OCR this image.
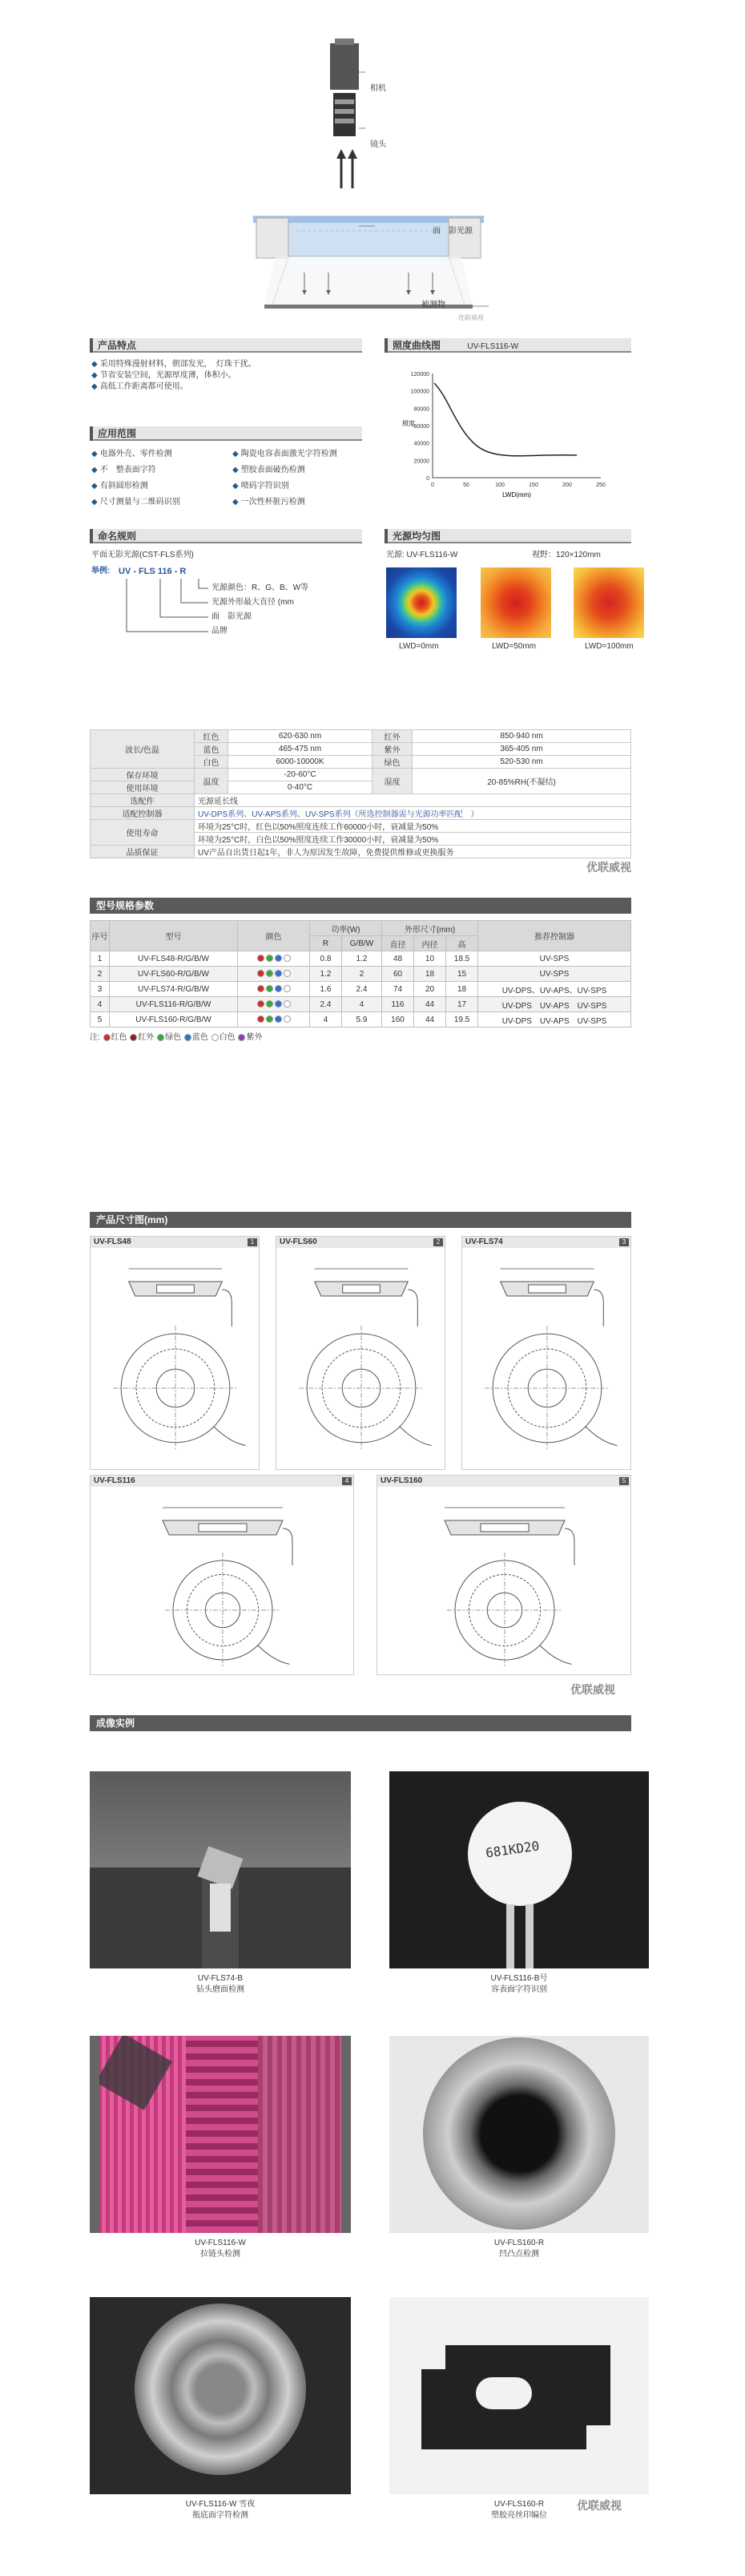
相机
镜头
面　影光源
被测物
优联威视
产品特点
◆ 采用特殊漫射材料，朝部发光，　灯珠干扰。
◆ 节省安装空间，光源厚度薄，体积小。
◆ 高低工作距离都可使用。
照度曲线图	UV-FLS116-W
120000
100000
80000
60000
40000
20000
0
0	50	100	150	200	250
照度
LWD(mm)
应用范围
◆ 电器外壳、零件检测	◆ 陶瓷电容表面激光字符检测
◆ 不　整表面字符	◆ 塑胶表面破伤检测
◆ 有斜圆形检测	◆ 喷码字符识别
◆ 尺寸测量与二维码识别	◆ 一次性杯脏污检测
命名规则
平面无影光源(CST-FLS系列)
举例: UV - FLS 116 - R
光源颜色：R、G、B、W等
光源外形最大直径 (mm
面　影光源
品牌
光源均匀图
光源: UV-FLS116-W	视野：120×120mm
LWD=0mm	LWD=50mm	LWD=100mm
波长/色温	红色	620-630 nm	红外	850-940 nm
	蓝色	465-475 nm	紫外	365-405 nm
	白色	6000-10000K	绿色	520-530 nm
保存环境	温度	-20-60°C	湿度	20-85%RH(不凝结)
使用环境		0-40°C		
选配件	光源延长线			
适配控制器	UV-DPS系列、UV-APS系列、UV-SPS系列（所选控制器需与光源功率匹配　）			
使用寿命	环境为25°C时，红色以50%照度连续工作60000小时，衰减量为50%			
	环境为25°C时，白色以50%照度连续工作30000小时，衰减量为50%			
品质保证	UV产品自出货日起1年，非人为原因发生故障，免费提供维修或更换服务			
优联威视
型号规格参数
序号	型号	颜色	功率(W)		外形尺寸(mm)			推荐控制器
			R	G/B/W	直径	内径	高	
1	UV-FLS48-R/G/B/W		0.8	1.2	48	10	18.5	UV-SPS
2	UV-FLS60-R/G/B/W		1.2	2	60	18	15	UV-SPS
3	UV-FLS74-R/G/B/W		1.6	2.4	74	20	18	UV-DPS、UV-APS、UV-SPS
4	UV-FLS116-R/G/B/W		2.4	4	116	44	17	UV-DPS　UV-APS　UV-SPS
5	UV-FLS160-R/G/B/W		4	5.9	160	44	19.5	UV-DPS　UV-APS　UV-SPS
注: 红色 红外 绿色 蓝色 白色 紫外
产品尺寸图(mm)
UV-FLS48	1	UV-FLS60	2	UV-FLS74	3
UV-FLS116	4	UV-FLS160	5
优联威视
成像实例
UV-FLS74-B
钻头磨面检测
681KD20
UV-FLS116-B号
容表面字符识别
UV-FLS116-W
拉链头检测
UV-FLS160-R
凹凸点检测
UV-FLS116-W 雪夜
瓶底面字符检测
UV-FLS160-R
塑胶亮丝印编位
优联威视
